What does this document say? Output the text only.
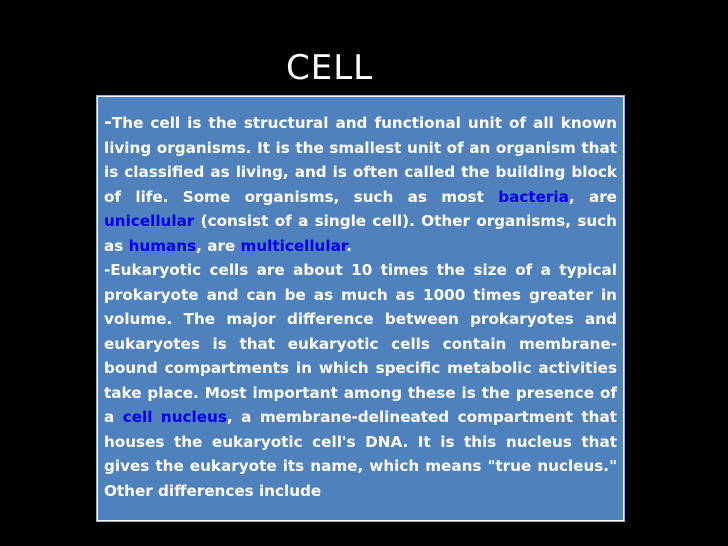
CELL

-The cell is the structural and functional unit of all known living organisms. It is the smallest unit of an organism that is classified as living, and is often called the building block of life. Some organisms, such as most bacteria, are unicellular (consist of a single cell). Other organisms, such as humans, are multicellular.

-Eukaryotic cells are about 10 times the size of a typical prokaryote and can be as much as 1000 times greater in volume. The major difference between prokaryotes and eukaryotes is that eukaryotic cells contain membrane-bound compartments in which specific metabolic activities take place. Most important among these is the presence of a cell nucleus, a membrane-delineated compartment that houses the eukaryotic cell's DNA. It is this nucleus that gives the eukaryote its name, which means "true nucleus." Other differences include
